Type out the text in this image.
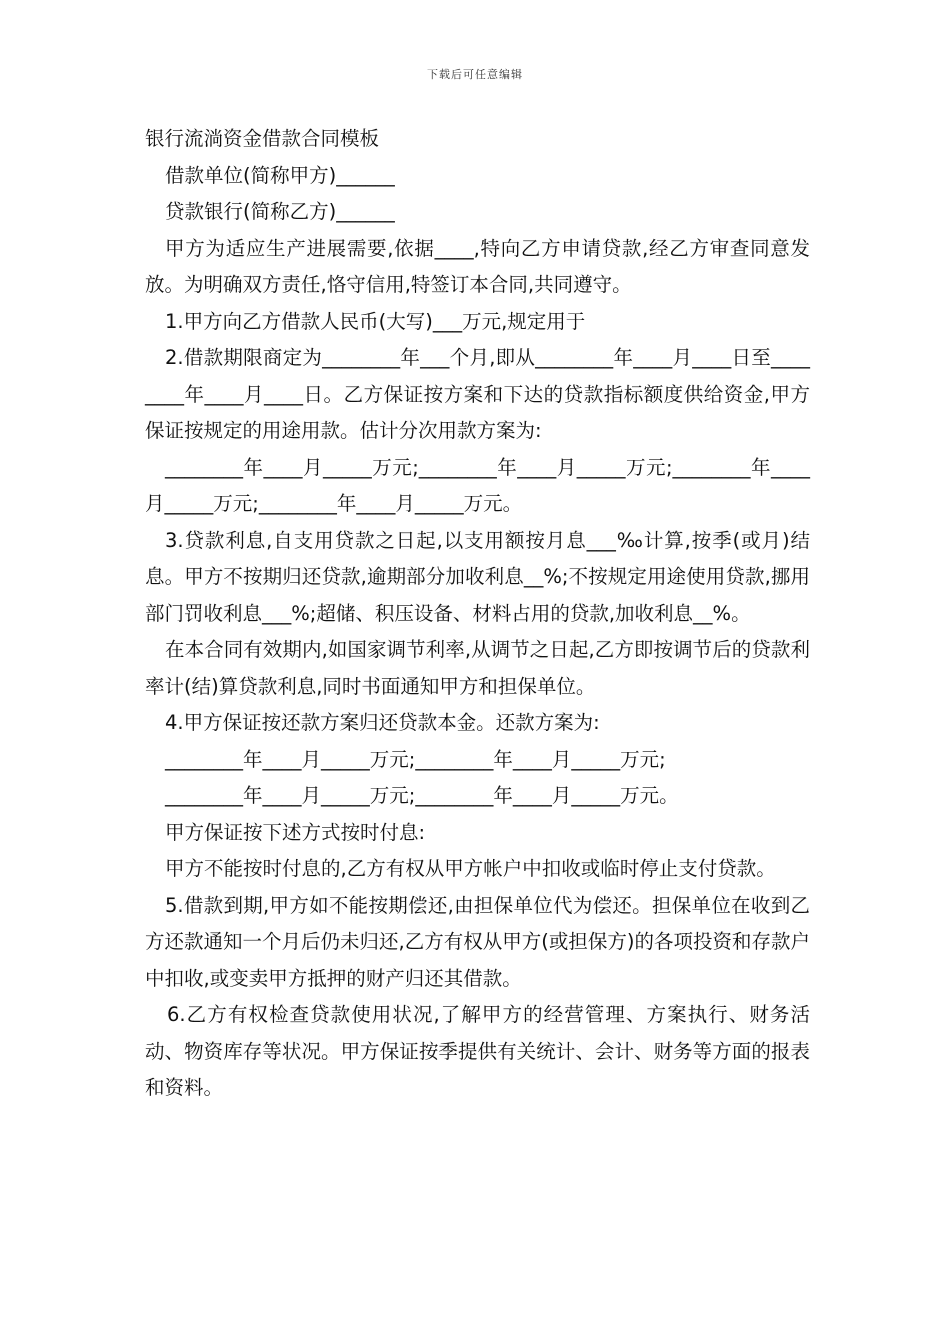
下载后可任意编辑
银行流淌资金借款合同模板

借款单位(简称甲方)______

贷款银行(简称乙方)______

甲方为适应生产进展需要,依据____,特向乙方申请贷款,经乙方审查同意发放。为明确双方责任,恪守信用,特签订本合同,共同遵守。

1.甲方向乙方借款人民币(大写)___万元,规定用于

2.借款期限商定为________年___个月,即从________年____月____日至________年____月____日。乙方保证按方案和下达的贷款指标额度供给资金,甲方保证按规定的用途用款。估计分次用款方案为:

________年____月_____万元;________年____月_____万元;________年____月_____万元;________年____月_____万元。

3.贷款利息,自支用贷款之日起,以支用额按月息___‰计算,按季(或月)结息。甲方不按期归还贷款,逾期部分加收利息__%;不按规定用途使用贷款,挪用部门罚收利息___%;超储、积压设备、材料占用的贷款,加收利息__%。

在本合同有效期内,如国家调节利率,从调节之日起,乙方即按调节后的贷款利率计(结)算贷款利息,同时书面通知甲方和担保单位。

4.甲方保证按还款方案归还贷款本金。还款方案为:

________年____月_____万元;________年____月_____万元;

________年____月_____万元;________年____月_____万元。

甲方保证按下述方式按时付息:

甲方不能按时付息的,乙方有权从甲方帐户中扣收或临时停止支付贷款。

5.借款到期,甲方如不能按期偿还,由担保单位代为偿还。担保单位在收到乙方还款通知一个月后仍未归还,乙方有权从甲方(或担保方)的各项投资和存款户中扣收,或变卖甲方抵押的财产归还其借款。

6.乙方有权检查贷款使用状况,了解甲方的经营管理、方案执行、财务活动、物资库存等状况。甲方保证按季提供有关统计、会计、财务等方面的报表和资料。
